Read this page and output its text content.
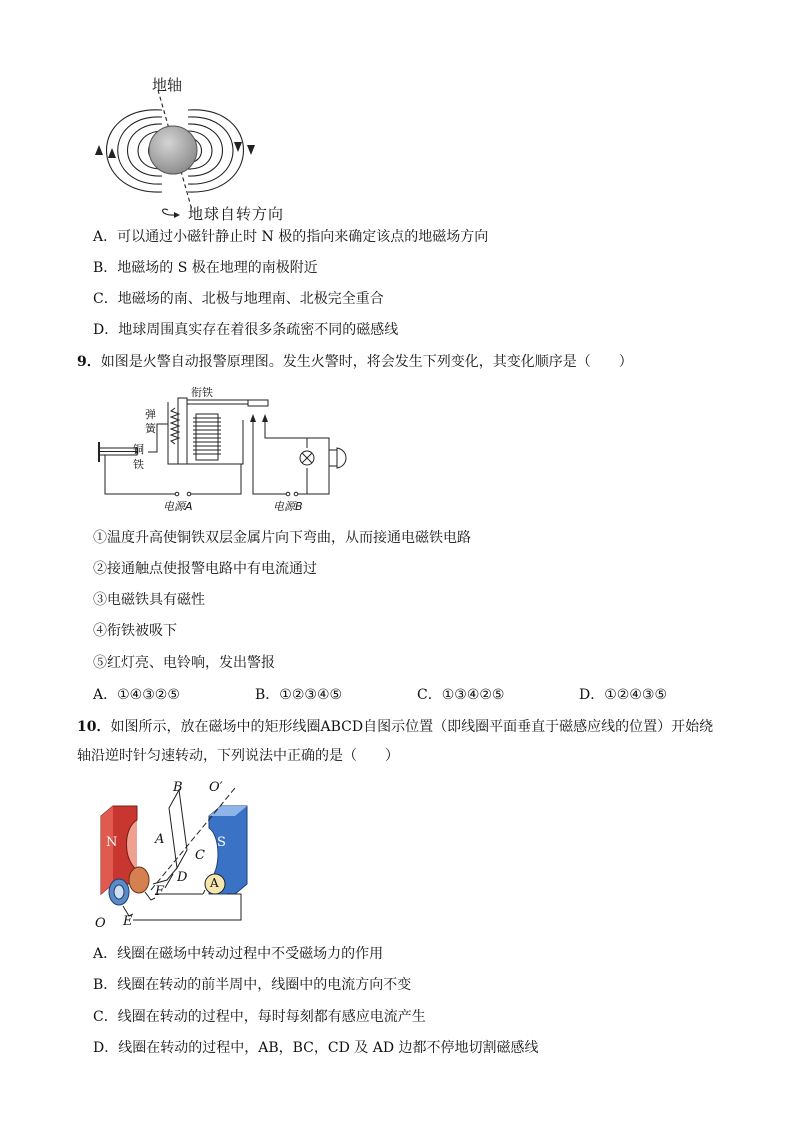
地轴
地球自转方向
A．可以通过小磁针静止时 N 极的指向来确定该点的地磁场方向
B．地磁场的 S 极在地理的南极附近
C．地磁场的南、北极与地理南、北极完全重合
D．地球周围真实存在着很多条疏密不同的磁感线
9．如图是火警自动报警原理图。发生火警时，将会发生下列变化，其变化顺序是（　　）
衔铁
弹
簧
铜
铁
电源A	电源B
①温度升高使铜铁双层金属片向下弯曲，从而接通电磁铁电路
②接通触点使报警电路中有电流通过
③电磁铁具有磁性
④衔铁被吸下
⑤红灯亮、电铃响，发出警报
A．①④③②⑤	B．①②③④⑤	C．①③④②⑤	D．①②④③⑤
10．如图所示，放在磁场中的矩形线圈ABCD自图示位置（即线圈平面垂直于磁感应线的位置）开始绕
轴沿逆时针匀速转动，下列说法中正确的是（　　）
N	S
A
B
C
D
F
E
O
O′
A
A．线圈在磁场中转动过程中不受磁场力的作用
B．线圈在转动的前半周中，线圈中的电流方向不变
C．线圈在转动的过程中，每时每刻都有感应电流产生
D．线圈在转动的过程中，AB，BC，CD 及 AD 边都不停地切割磁感线
